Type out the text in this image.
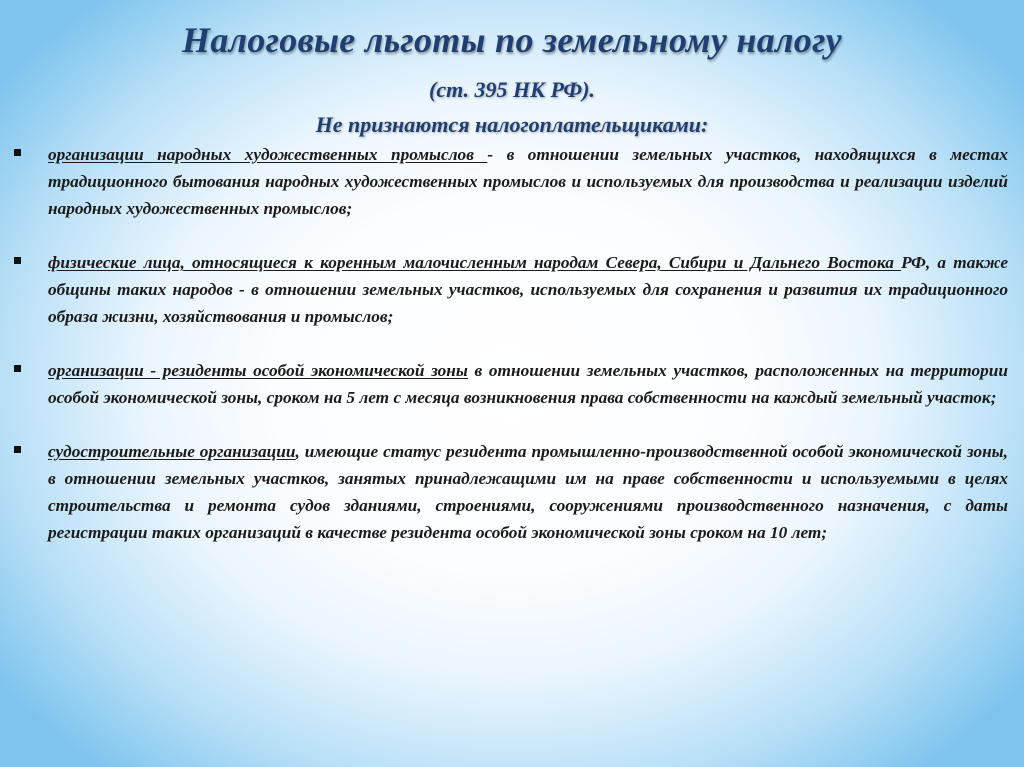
Налоговые льготы по земельному налогу
(ст. 395 НК РФ).
Не признаются налогоплательщиками:
организации народных художественных промыслов - в отношении земельных участков, находящихся в местах традиционного бытования народных художественных промыслов и используемых для производства и реализации изделий народных художественных промыслов;
физические лица, относящиеся к коренным малочисленным народам Севера, Сибири и Дальнего Востока РФ, а также общины таких народов - в отношении земельных участков, используемых для сохранения и развития их традиционного образа жизни, хозяйствования и промыслов;
организации - резиденты особой экономической зоны в отношении земельных участков, расположенных на территории особой экономической зоны, сроком на 5 лет с месяца возникновения права собственности на каждый земельный участок;
судостроительные организации, имеющие статус резидента промышленно-производственной особой экономической зоны, в отношении земельных участков, занятых принадлежащими им на праве собственности и используемыми в целях строительства и ремонта судов зданиями, строениями, сооружениями производственного назначения, с даты регистрации таких организаций в качестве резидента особой экономической зоны сроком на 10 лет;
